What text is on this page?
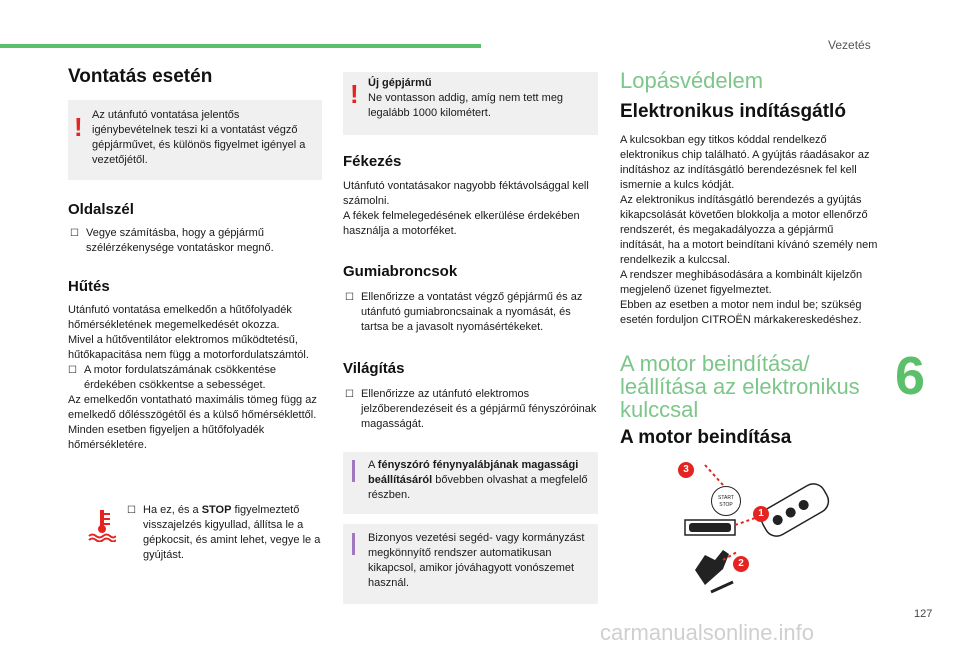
Vezetés
Vontatás esetén
! Az utánfutó vontatása jelentős igénybevételnek teszi ki a vontatást végző gépjárművet, és különös figyelmet igényel a vezetőjétől.
Oldalszél
☐ Vegye számításba, hogy a gépjármű szélérzékenysége vontatáskor megnő.
Hűtés
Utánfutó vontatása emelkedőn a hűtőfolyadék hőmérsékletének megemelkedését okozza.
Mivel a hűtőventilátor elektromos működtetésű, hűtőkapacitása nem függ a motorfordulatszámtól.
☐ A motor fordulatszámának csökkentése érdekében csökkentse a sebességet.
Az emelkedőn vontatható maximális tömeg függ az emelkedő dőlésszögétől és a külső hőmérséklettől.
Minden esetben figyeljen a hűtőfolyadék hőmérsékletére.
☐ Ha ez, és a STOP figyelmeztető visszajelzés kigyullad, állítsa le a gépkocsit, és amint lehet, vegye le a gyújtást.
! Új gépjármű
Ne vontasson addig, amíg nem tett meg legalább 1000 kilométert.
Fékezés
Utánfutó vontatásakor nagyobb féktávolsággal kell számolni.
A fékek felmelegedésének elkerülése érdekében használja a motorféket.
Gumiabroncsok
☐ Ellenőrizze a vontatást végző gépjármű és az utánfutó gumiabroncsainak a nyomását, és tartsa be a javasolt nyomásértékeket.
Világítás
☐ Ellenőrizze az utánfutó elektromos jelzőberendezéseit és a gépjármű fényszóróinak magasságát.
A fényszóró fénynyalábjának magassági beállításáról bővebben olvashat a megfelelő részben.
Bizonyos vezetési segéd- vagy kormányzást megkönnyítő rendszer automatikusan kikapcsol, amikor jóváhagyott vonószemet használ.
Lopásvédelem
Elektronikus indításgátló
A kulcsokban egy titkos kóddal rendelkező elektronikus chip található. A gyújtás ráadásakor az indításhoz az indításgátló berendezésnek fel kell ismernie a kulcs kódját.
Az elektronikus indításgátló berendezés a gyújtás kikapcsolását követően blokkolja a motor ellenőrző rendszerét, és megakadályozza a gépjármű indítását, ha a motort beindítani kívánó személy nem rendelkezik a kulccsal.
A rendszer meghibásodására a kombinált kijelzőn megjelenő üzenet figyelmeztet.
Ebben az esetben a motor nem indul be; szükség esetén forduljon CITROËN márkakereskedéshez.
A motor beindítása/
leállítása az elektronikus
kulccsal
A motor beindítása
START
STOP
3
1
2
6
127
carmanualsonline.info
